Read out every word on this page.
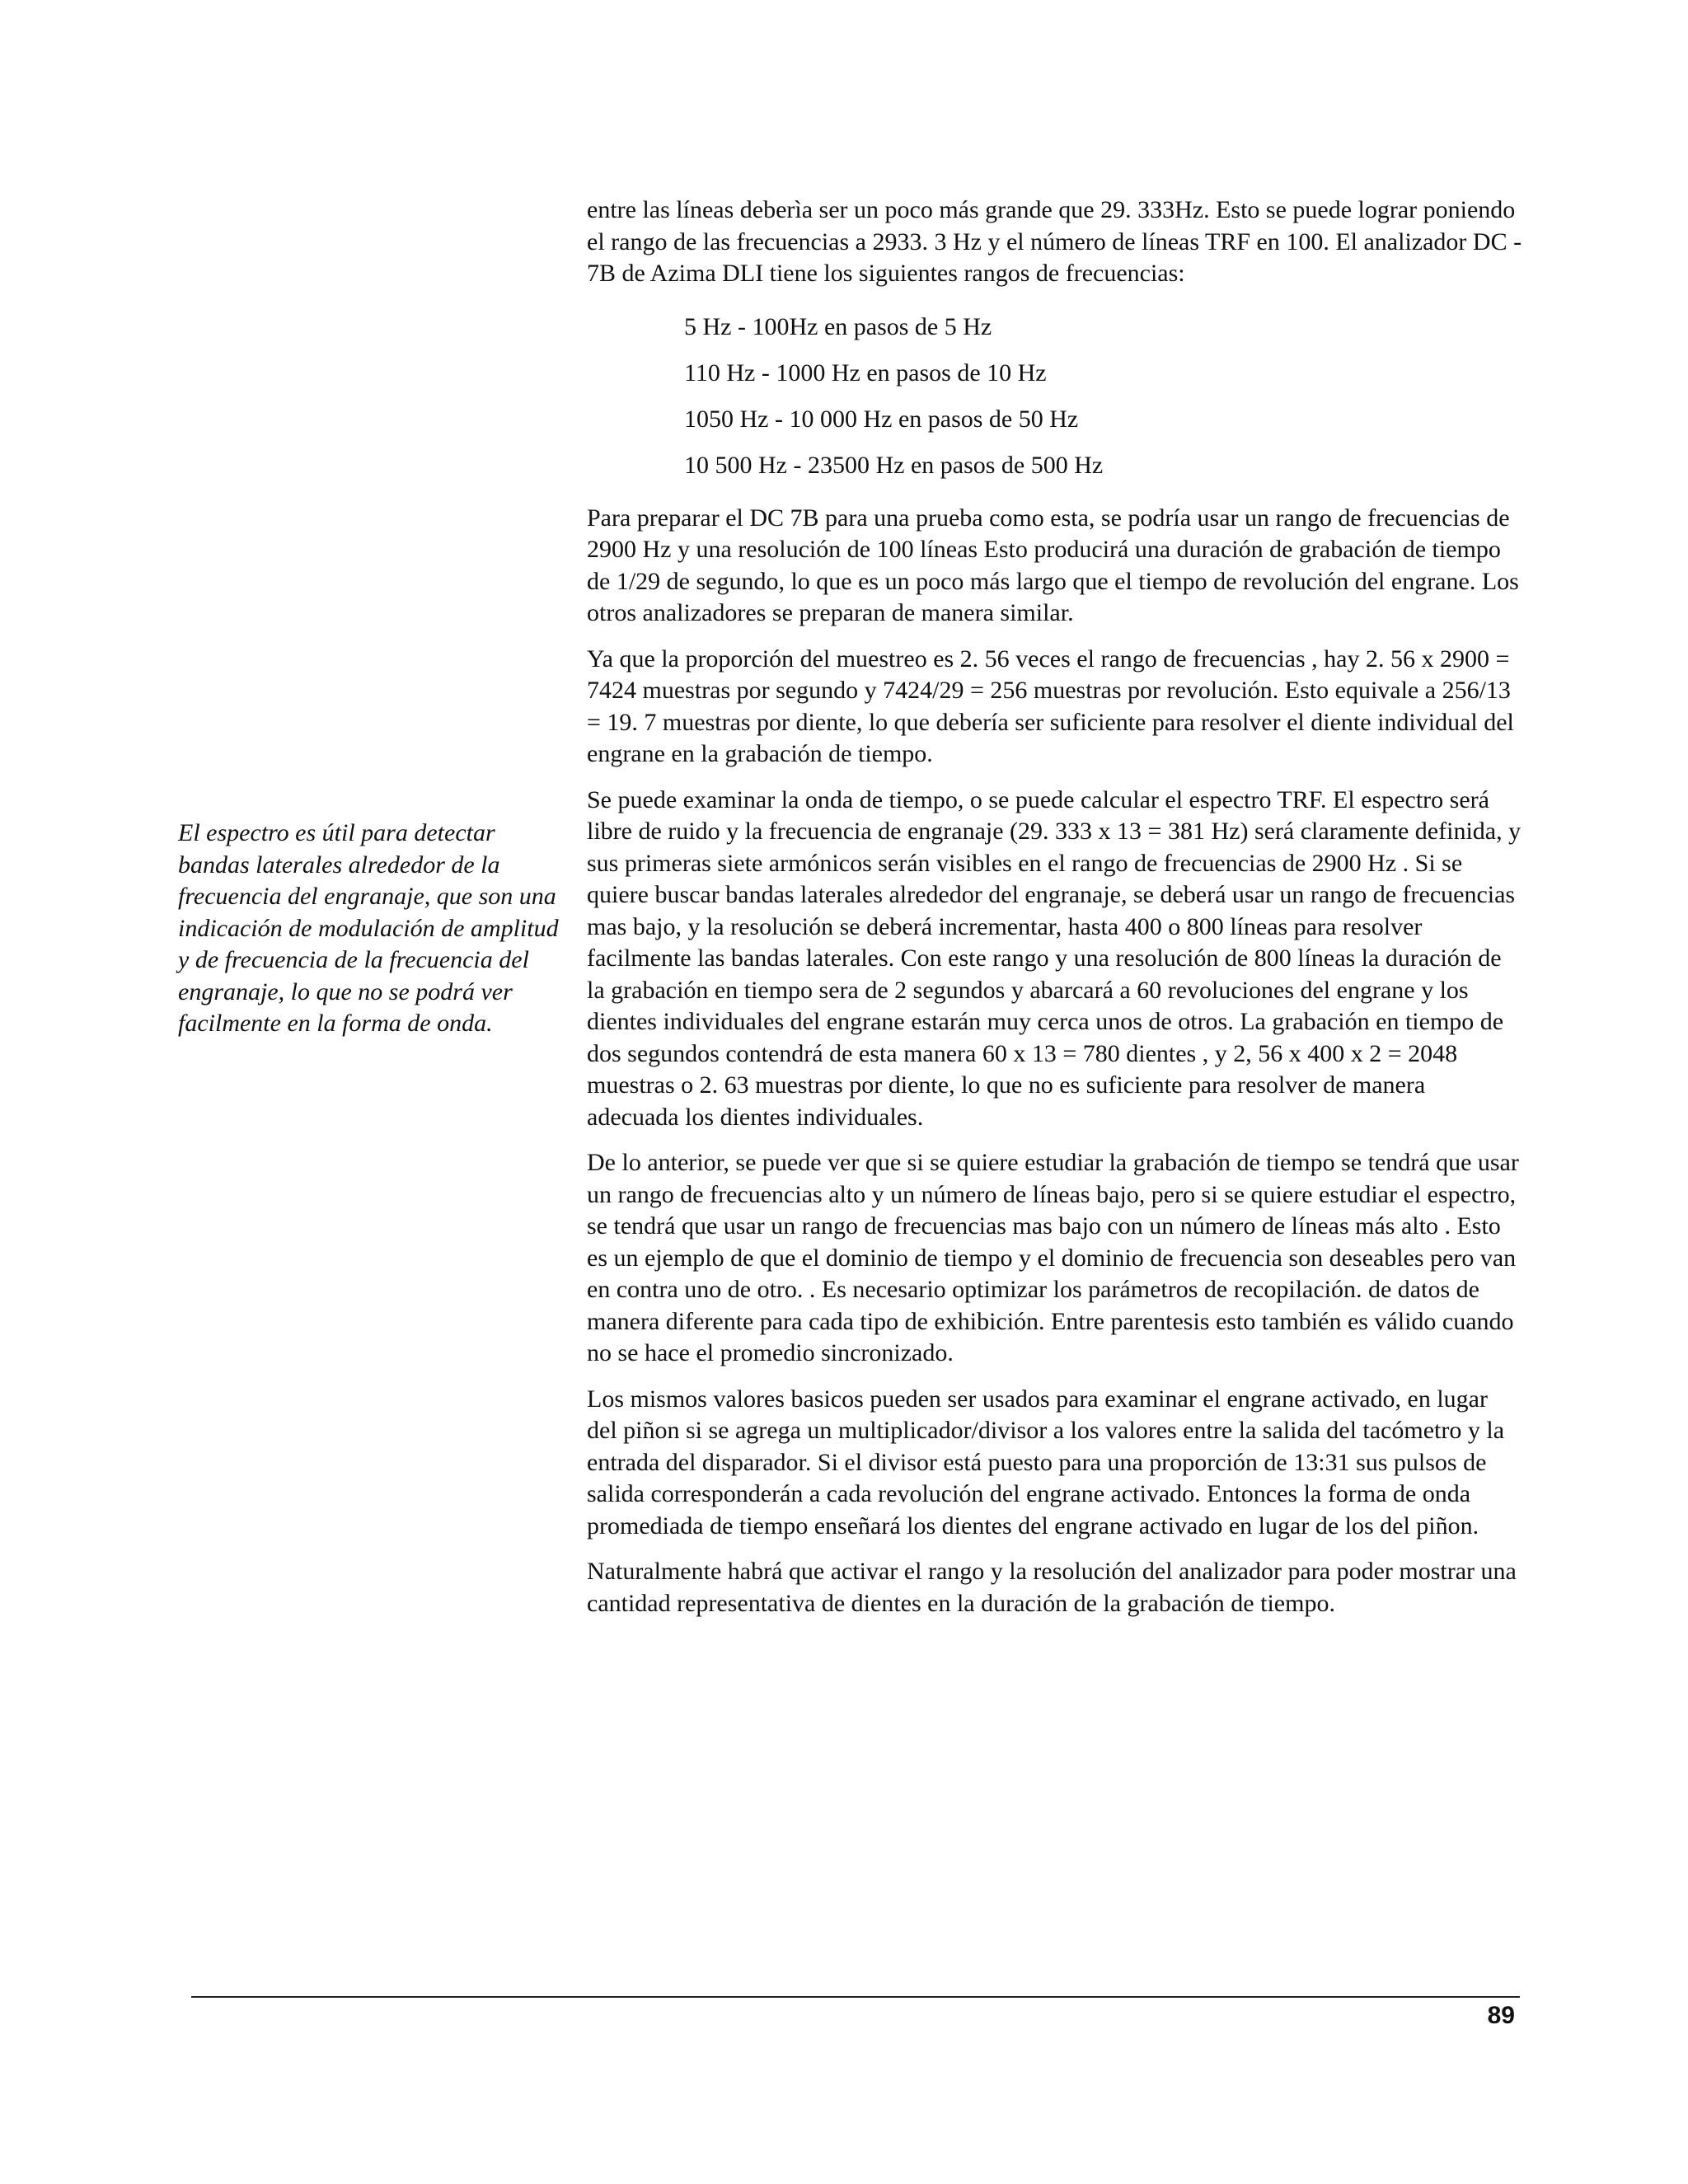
entre las líneas deberìa ser un poco más grande que 29. 333Hz. Esto se puede lograr poniendo el rango de las frecuencias a 2933. 3 Hz y el número de líneas TRF en 100. El analizador DC - 7B de Azima DLI tiene los siguientes rangos de frecuencias:

5 Hz - 100Hz en pasos de 5 Hz
110 Hz - 1000 Hz en pasos de 10 Hz
1050 Hz - 10 000 Hz en pasos de 50 Hz
10 500 Hz - 23500 Hz en pasos de 500 Hz

Para preparar el DC 7B para una prueba como esta, se podría usar un rango de frecuencias de 2900 Hz y una resolución de 100 líneas Esto producirá una duración de grabación de tiempo de 1/29 de segundo, lo que es un poco más largo que el tiempo de revolución del engrane. Los otros analizadores se preparan de manera similar.

Ya que la proporción del muestreo es 2. 56 veces el rango de frecuencias , hay 2. 56 x 2900 = 7424 muestras por segundo y 7424/29 = 256 muestras por revolución. Esto equivale a 256/13 = 19. 7 muestras por diente, lo que debería ser suficiente para resolver el diente individual del engrane en la grabación de tiempo.

Se puede examinar la onda de tiempo, o se puede calcular el espectro TRF. El espectro será libre de ruido y la frecuencia de engranaje (29. 333 x 13 = 381 Hz) será claramente definida, y sus primeras siete armónicos serán visibles en el rango de frecuencias de 2900 Hz . Si se quiere buscar bandas laterales alrededor del engranaje, se deberá usar un rango de frecuencias mas bajo, y la resolución se deberá incrementar, hasta 400 o 800 líneas para resolver facilmente las bandas laterales. Con este rango y una resolución de 800 líneas la duración de la grabación en tiempo sera de 2 segundos y abarcará a 60 revoluciones del engrane y los dientes individuales del engrane estarán muy cerca unos de otros. La grabación en tiempo de dos segundos contendrá de esta manera 60 x 13 = 780 dientes , y 2, 56 x 400 x 2 = 2048 muestras o 2. 63 muestras por diente, lo que no es suficiente para resolver de manera adecuada los dientes individuales.

De lo anterior, se puede ver que si se quiere estudiar la grabación de tiempo se tendrá que usar un rango de frecuencias alto y un número de líneas bajo, pero si se quiere estudiar el espectro, se tendrá que usar un rango de frecuencias mas bajo con un número de líneas más alto . Esto es un ejemplo de que el dominio de tiempo y el dominio de frecuencia son deseables pero van en contra uno de otro. . Es necesario optimizar los parámetros de recopilación. de datos de manera diferente para cada tipo de exhibición. Entre parentesis esto también es válido cuando no se hace el promedio sincronizado.

Los mismos valores basicos pueden ser usados para examinar el engrane activado, en lugar del piñon si se agrega un multiplicador/divisor a los valores entre la salida del tacómetro y la entrada del disparador. Si el divisor está puesto para una proporción de 13:31 sus pulsos de salida corresponderán a cada revolución del engrane activado. Entonces la forma de onda promediada de tiempo enseñará los dientes del engrane activado en lugar de los del piñon.

Naturalmente habrá que activar el rango y la resolución del analizador para poder mostrar una cantidad representativa de dientes en la duración de la grabación de tiempo.

El espectro es útil para detectar bandas laterales alrededor de la frecuencia del engranaje, que son una indicación de modulación de amplitud y de frecuencia de la frecuencia del engranaje, lo que no se podrá ver facilmente en la forma de onda.

89
